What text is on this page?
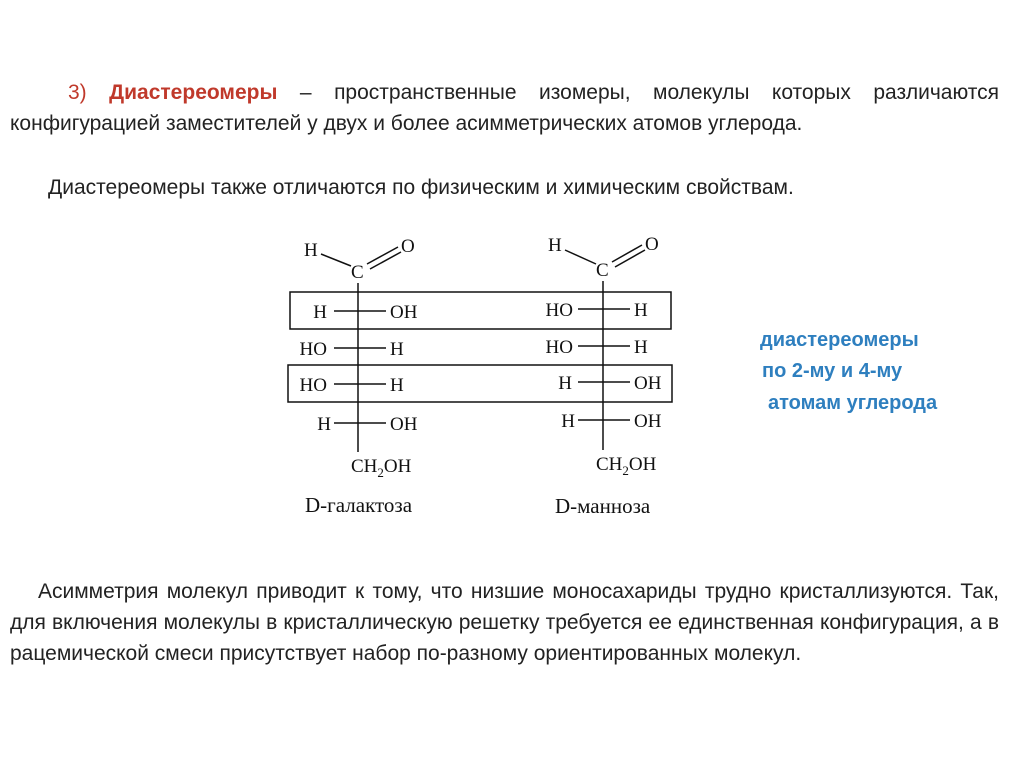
3) Диастереомеры – пространственные изомеры, молекулы которых различаются конфигурацией заместителей у двух и более асимметрических атомов углерода.
Диастереомеры также отличаются по физическим и химическим свойствам.
H	O
C
H	OH
HO	H
HO	H
H	OH
$CH_2OH$
D-галактоза
H	O
C
HO	H
HO	H
H	OH
H	OH
$CH_2OH$
D-манноза
диастереомеры
по 2-му и 4-му
атомам углерода
Асимметрия молекул приводит к тому, что низшие моносахариды трудно кристаллизуются. Так, для включения молекулы в кристаллическую решетку требуется ее единственная конфигурация, а в рацемической смеси присутствует набор по-разному ориентированных молекул.
